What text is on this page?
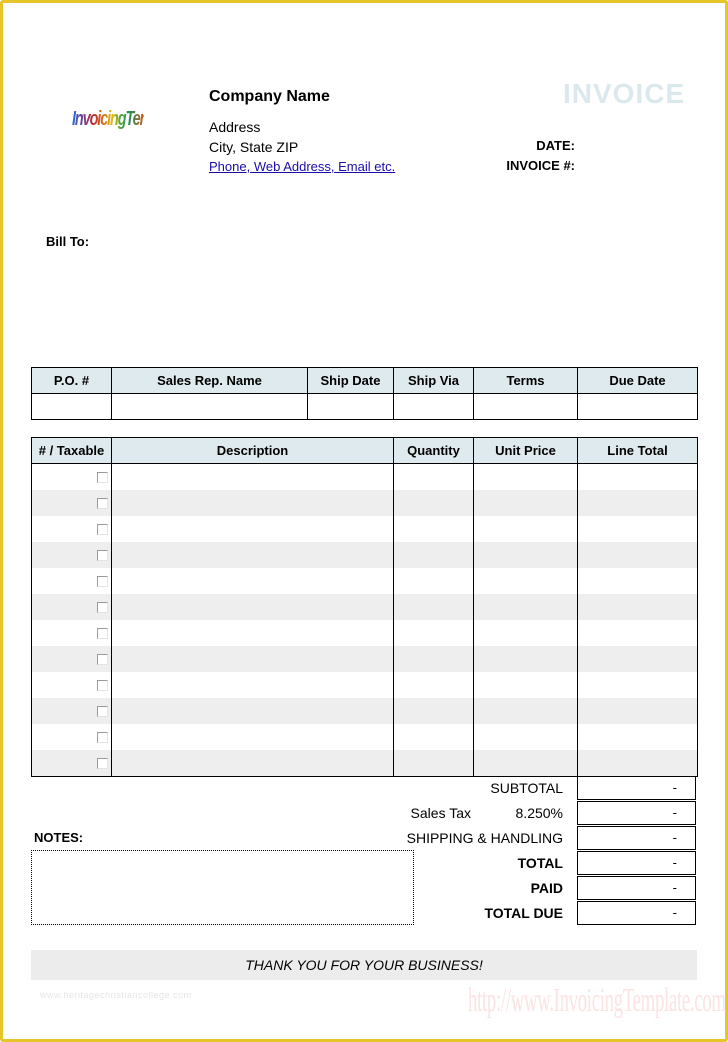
InvoicingTemplates
Company Name
Address
City, State ZIP
Phone, Web Address, Email etc.
INVOICE
DATE:
INVOICE #:
Bill To:
P.O. #	Sales Rep. Name	Ship Date	Ship Via	Terms	Due Date

# / Taxable	Description	Quantity	Unit Price	Line Total

SUBTOTAL	-
Sales Tax	8.250%	-
SHIPPING & HANDLING	-
TOTAL	-
PAID	-
TOTAL DUE	-
NOTES:
THANK YOU FOR YOUR BUSINESS!
www.heritagechristiancollege.com	http://www.InvoicingTemplate.com
